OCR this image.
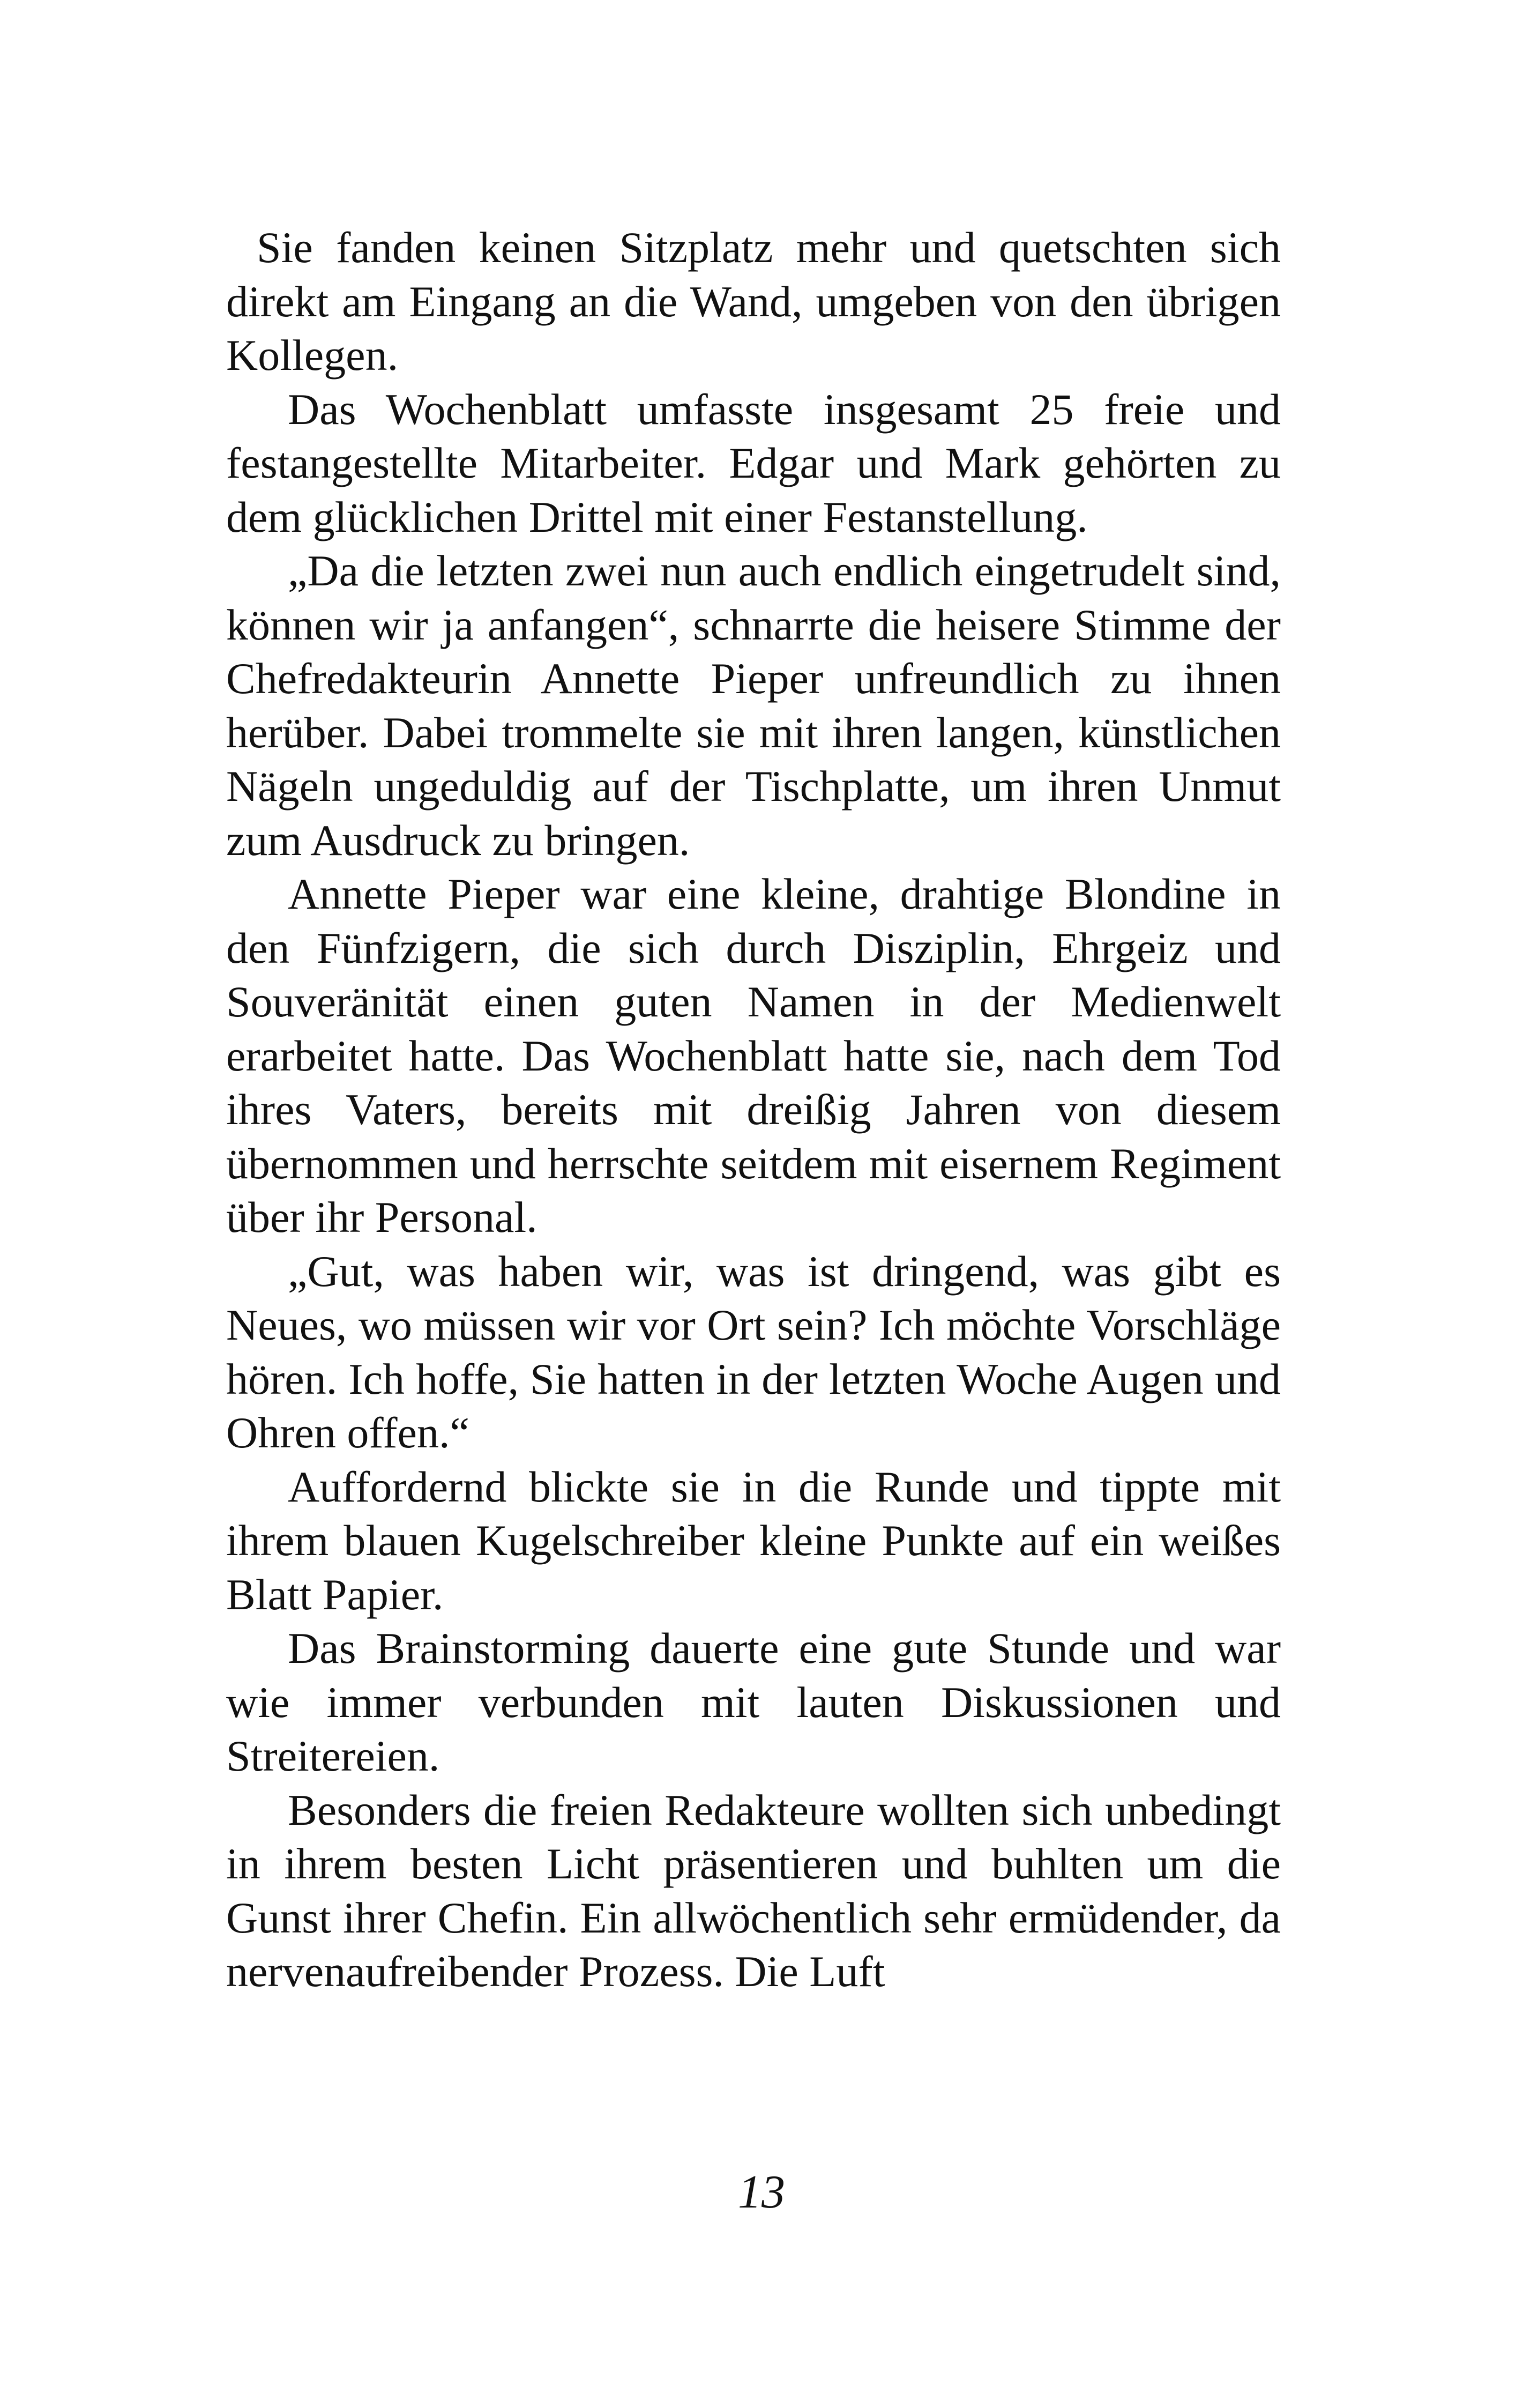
Sie fanden keinen Sitzplatz mehr und quetschten sich direkt am Eingang an die Wand, umgeben von den übrigen Kollegen.

Das Wochenblatt umfasste insgesamt 25 freie und festangestellte Mitarbeiter. Edgar und Mark gehörten zu dem glücklichen Drittel mit einer Festanstellung.

„Da die letzten zwei nun auch endlich eingetrudelt sind, können wir ja anfangen“, schnarrte die heisere Stimme der Chefredakteurin Annette Pieper unfreundlich zu ihnen herüber. Dabei trommelte sie mit ihren langen, künstlichen Nägeln ungeduldig auf der Tischplatte, um ihren Unmut zum Ausdruck zu bringen.

Annette Pieper war eine kleine, drahtige Blondine in den Fünfzigern, die sich durch Disziplin, Ehrgeiz und Souveränität einen guten Namen in der Medienwelt erarbeitet hatte. Das Wochenblatt hatte sie, nach dem Tod ihres Vaters, bereits mit dreißig Jahren von diesem übernommen und herrschte seitdem mit eisernem Regiment über ihr Personal.

„Gut, was haben wir, was ist dringend, was gibt es Neues, wo müssen wir vor Ort sein? Ich möchte Vorschläge hören. Ich hoffe, Sie hatten in der letzten Woche Augen und Ohren offen.“

Auffordernd blickte sie in die Runde und tippte mit ihrem blauen Kugelschreiber kleine Punkte auf ein weißes Blatt Papier.

Das Brainstorming dauerte eine gute Stunde und war wie immer verbunden mit lauten Diskussionen und Streitereien.

Besonders die freien Redakteure wollten sich unbedingt in ihrem besten Licht präsentieren und buhlten um die Gunst ihrer Chefin. Ein allwöchentlich sehr ermüdender, da nervenaufreibender Prozess. Die Luft

13
